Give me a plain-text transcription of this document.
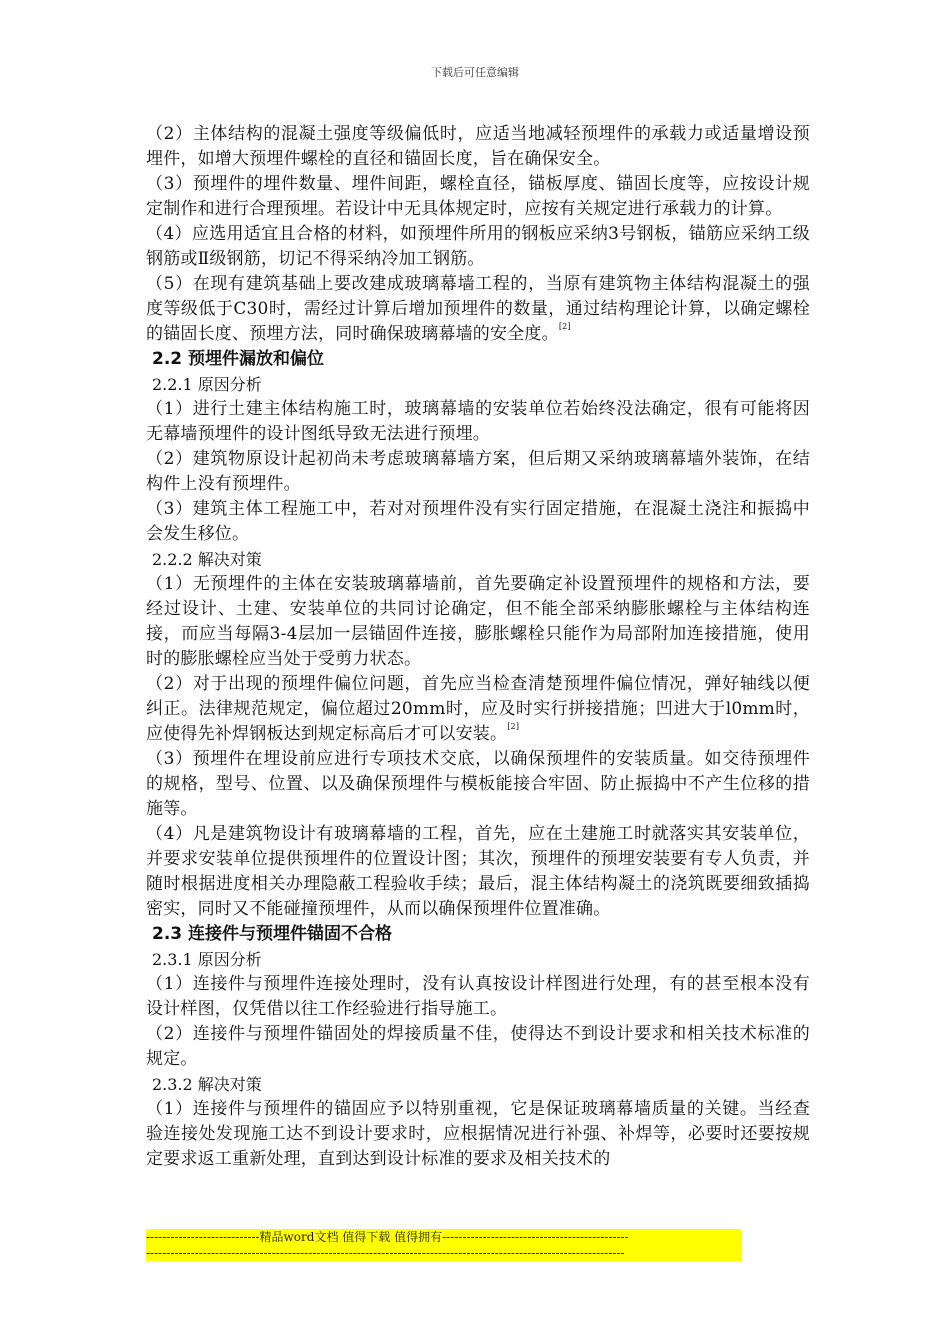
下载后可任意编辑

（2）主体结构的混凝土强度等级偏低时，应适当地减轻预埋件的承载力或适量增设预埋件，如增大预埋件螺栓的直径和锚固长度，旨在确保安全。

（3）预埋件的埋件数量、埋件间距，螺栓直径，锚板厚度、锚固长度等，应按设计规定制作和进行合理预埋。若设计中无具体规定时，应按有关规定进行承载力的计算。

（4）应选用适宜且合格的材料，如预埋件所用的钢板应采纳3号钢板，锚筋应采纳工级钢筋或Ⅱ级钢筋，切记不得采纳冷加工钢筋。

（5）在现有建筑基础上要改建成玻璃幕墙工程的，当原有建筑物主体结构混凝土的强度等级低于C30时，需经过计算后增加预埋件的数量，通过结构理论计算，以确定螺栓的锚固长度、预埋方法，同时确保玻璃幕墙的安全度。[2]

2.2 预埋件漏放和偏位

2.2.1 原因分析

（1）进行土建主体结构施工时，玻璃幕墙的安装单位若始终没法确定，很有可能将因无幕墙预埋件的设计图纸导致无法进行预埋。

（2）建筑物原设计起初尚未考虑玻璃幕墙方案，但后期又采纳玻璃幕墙外装饰，在结构件上没有预埋件。

（3）建筑主体工程施工中，若对对预埋件没有实行固定措施，在混凝土浇注和振捣中会发生移位。

2.2.2 解决对策

（1）无预埋件的主体在安装玻璃幕墙前，首先要确定补设置预埋件的规格和方法，要经过设计、土建、安装单位的共同讨论确定，但不能全部采纳膨胀螺栓与主体结构连接，而应当每隔3-4层加一层锚固件连接，膨胀螺栓只能作为局部附加连接措施，使用时的膨胀螺栓应当处于受剪力状态。

（2）对于出现的预埋件偏位问题，首先应当检查清楚预埋件偏位情况，弹好轴线以便纠正。法律规范规定，偏位超过20mm时，应及时实行拼接措施；凹进大于l0mm时，应使得先补焊钢板达到规定标高后才可以安装。[2]

（3）预埋件在埋设前应进行专项技术交底，以确保预埋件的安装质量。如交待预埋件的规格，型号、位置、以及确保预埋件与模板能接合牢固、防止振捣中不产生位移的措施等。

（4）凡是建筑物设计有玻璃幕墙的工程，首先，应在土建施工时就落实其安装单位，并要求安装单位提供预埋件的位置设计图；其次，预埋件的预埋安装要有专人负责，并随时根据进度相关办理隐蔽工程验收手续；最后，混主体结构凝土的浇筑既要细致插捣密实，同时又不能碰撞预埋件，从而以确保预埋件位置准确。

2.3 连接件与预埋件锚固不合格

2.3.1 原因分析

（1）连接件与预埋件连接处理时，没有认真按设计样图进行处理，有的甚至根本没有设计样图，仅凭借以往工作经验进行指导施工。

（2）连接件与预埋件锚固处的焊接质量不佳，使得达不到设计要求和相关技术标准的规定。

2.3.2 解决对策

（1）连接件与预埋件的锚固应予以特别重视，它是保证玻璃幕墙质量的关键。当经查验连接处发现施工达不到设计要求时，应根据情况进行补强、补焊等，必要时还要按规定要求返工重新处理，直到达到设计标准的要求及相关技术的

----------------------------精品word文档 值得下载 值得拥有----------------------------------------------
----------------------------------------------------------------------------------------------------------------------
